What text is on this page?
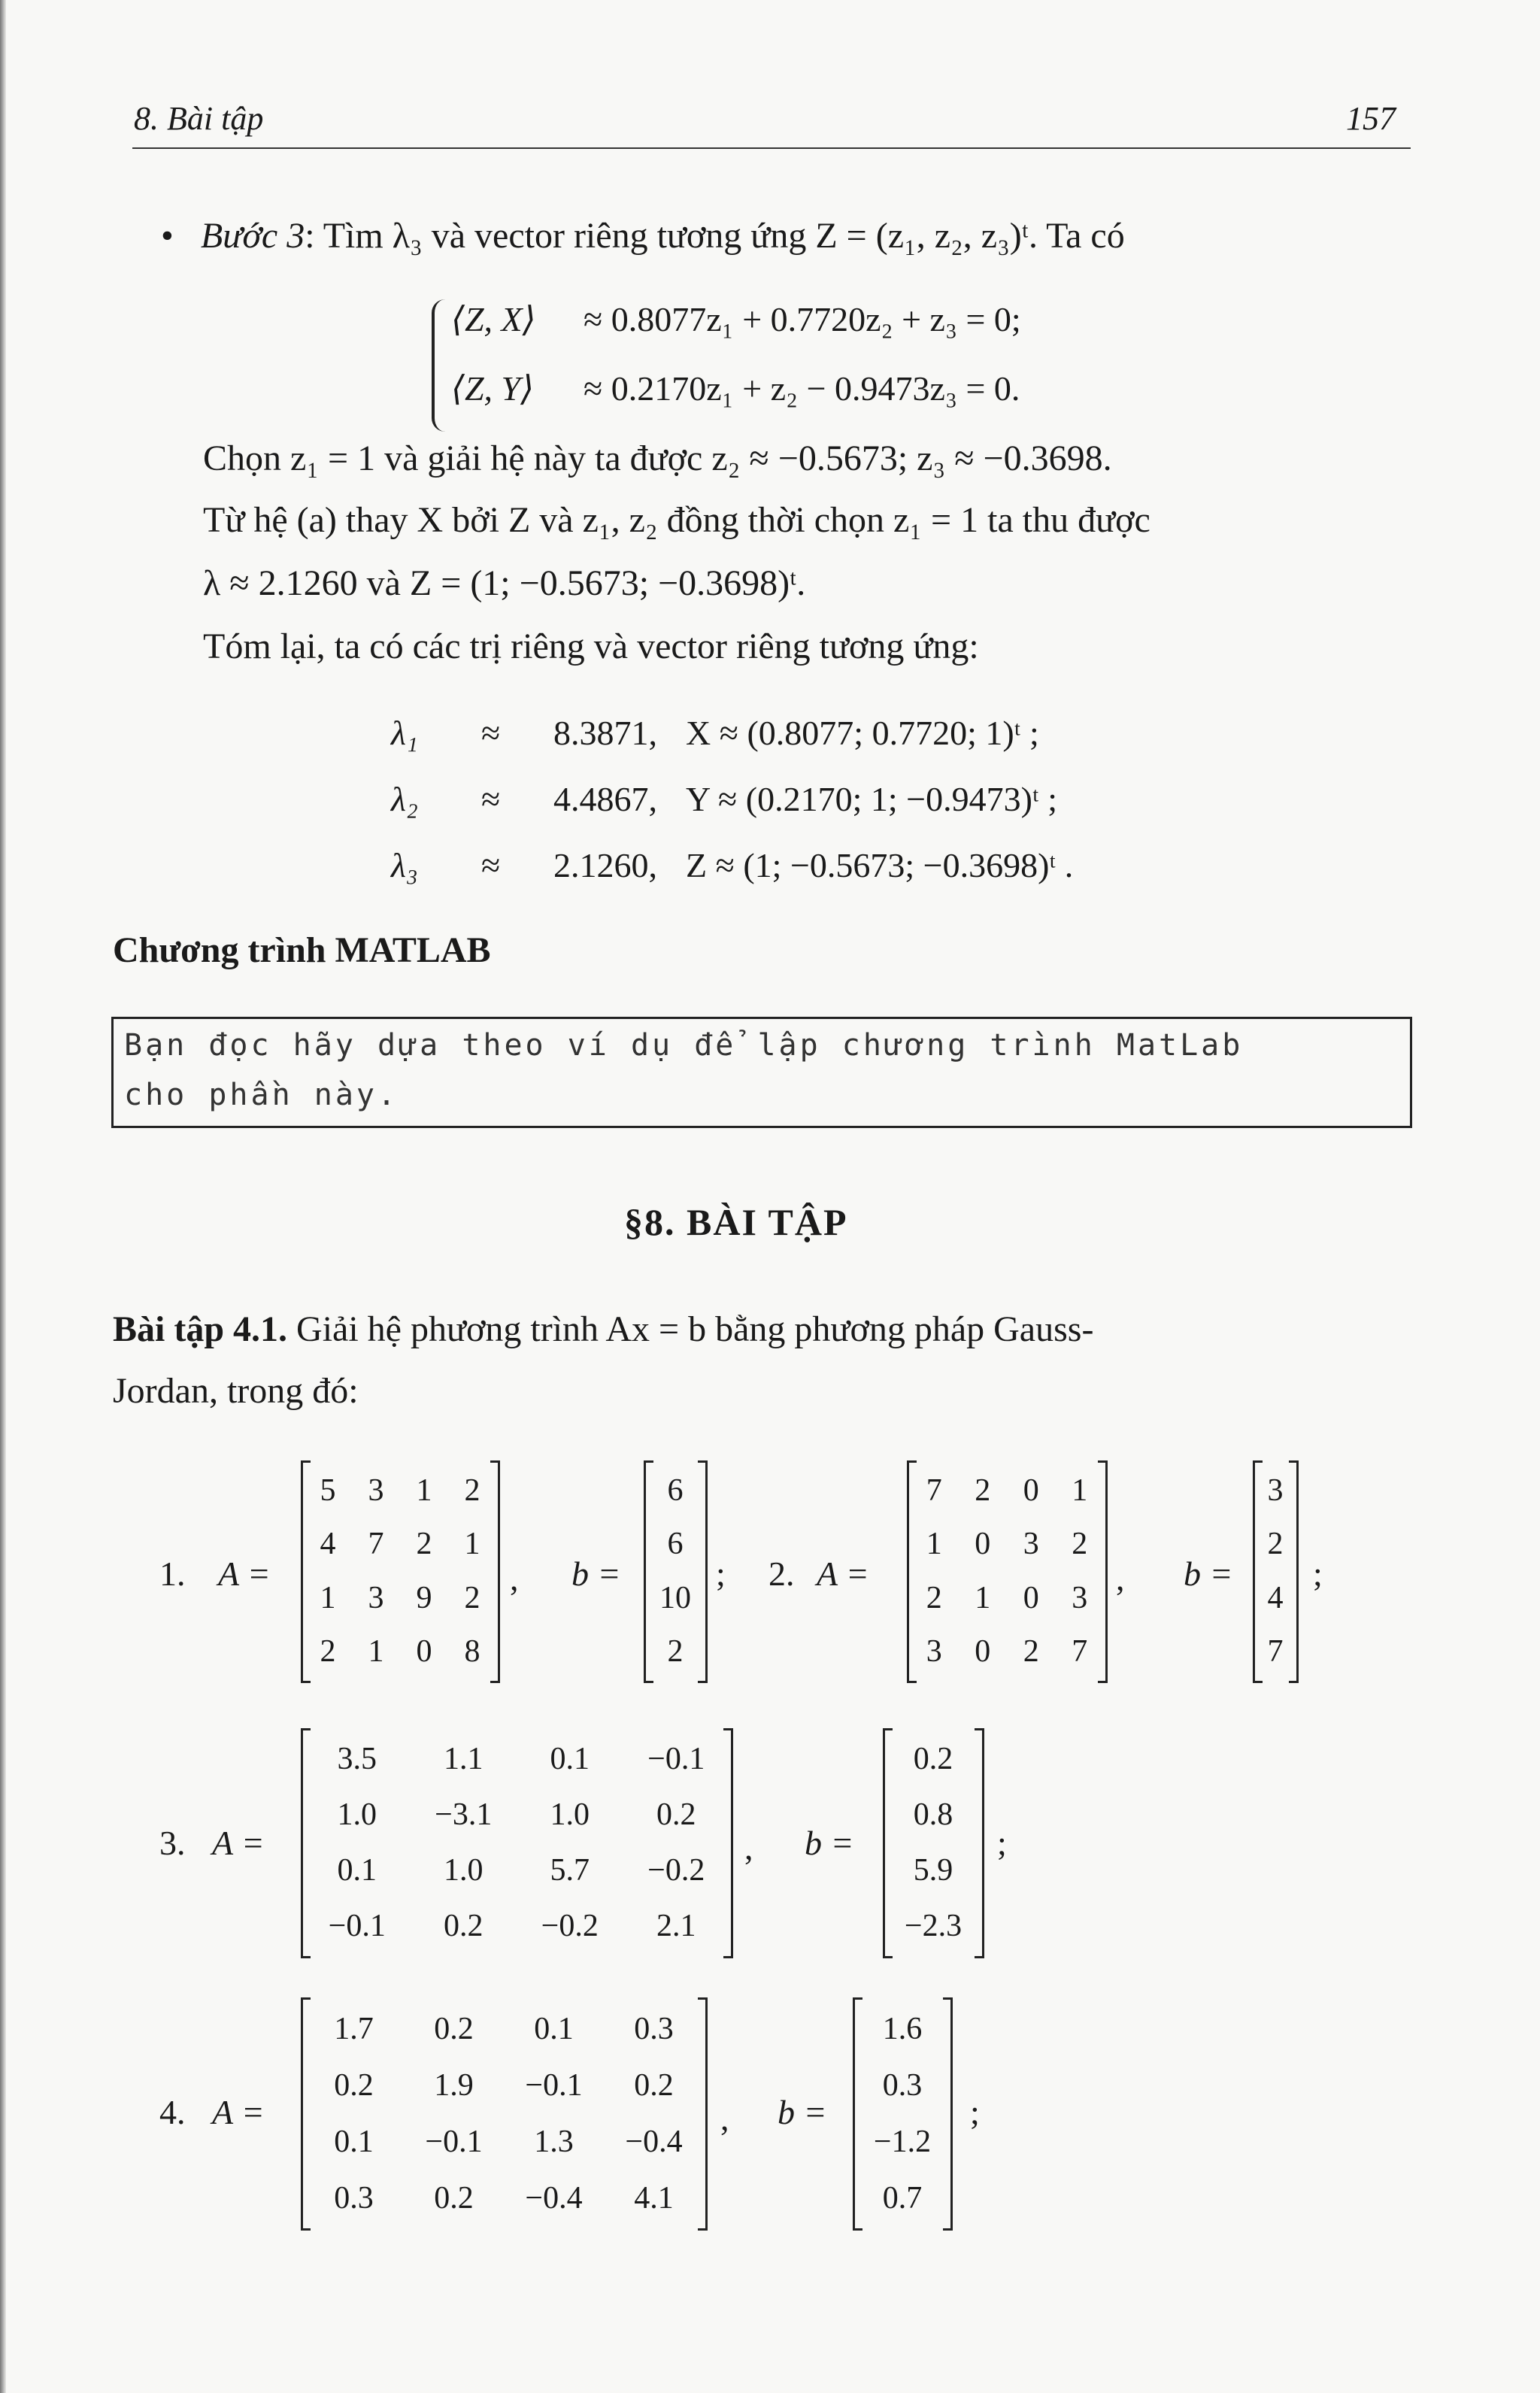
8. Bài tập	157
• Bước 3: Tìm λ₃ và vector riêng tương ứng Z = (z₁, z₂, z₃)ᵗ. Ta có
⟨Z, X⟩ ≈ 0.8077z₁ + 0.7720z₂ + z₃ = 0;
⟨Z, Y⟩ ≈ 0.2170z₁ + z₂ − 0.9473z₃ = 0.
Chọn z₁ = 1 và giải hệ này ta được z₂ ≈ −0.5673; z₃ ≈ −0.3698.
Từ hệ (a) thay X bởi Z và z₁, z₂ đồng thời chọn z₁ = 1 ta thu được
λ ≈ 2.1260 và Z = (1; −0.5673; −0.3698)ᵗ.
Tóm lại, ta có các trị riêng và vector riêng tương ứng:
λ₁ ≈ 8.3871, X ≈ (0.8077; 0.7720; 1)ᵗ ;
λ₂ ≈ 4.4867, Y ≈ (0.2170; 1; −0.9473)ᵗ ;
λ₃ ≈ 2.1260, Z ≈ (1; −0.5673; −0.3698)ᵗ .
Chương trình MATLAB
Bạn đọc hãy dựa theo ví dụ để lập chương trình MatLab
cho phần này.
§8. BÀI TẬP
Bài tập 4.1. Giải hệ phương trình Ax = b bằng phương pháp Gauss-
Jordan, trong đó:
1. A =
5	3	1	2
4	7	2	1
1	3	9	2
2	1	0	8
, b =
6
6
10
2
; 2. A =
7	2	0	1
1	0	3	2
2	1	0	3
3	0	2	7
, b =
3
2
4
7
;
3. A =
3.5	1.1	0.1	−0.1
1.0	−3.1	1.0	0.2
0.1	1.0	5.7	−0.2
−0.1	0.2	−0.2	2.1
, b =
0.2
0.8
5.9
−2.3
;
4. A =
1.7	0.2	0.1	0.3
0.2	1.9	−0.1	0.2
0.1	−0.1	1.3	−0.4
0.3	0.2	−0.4	4.1
, b =
1.6
0.3
−1.2
0.7
;
